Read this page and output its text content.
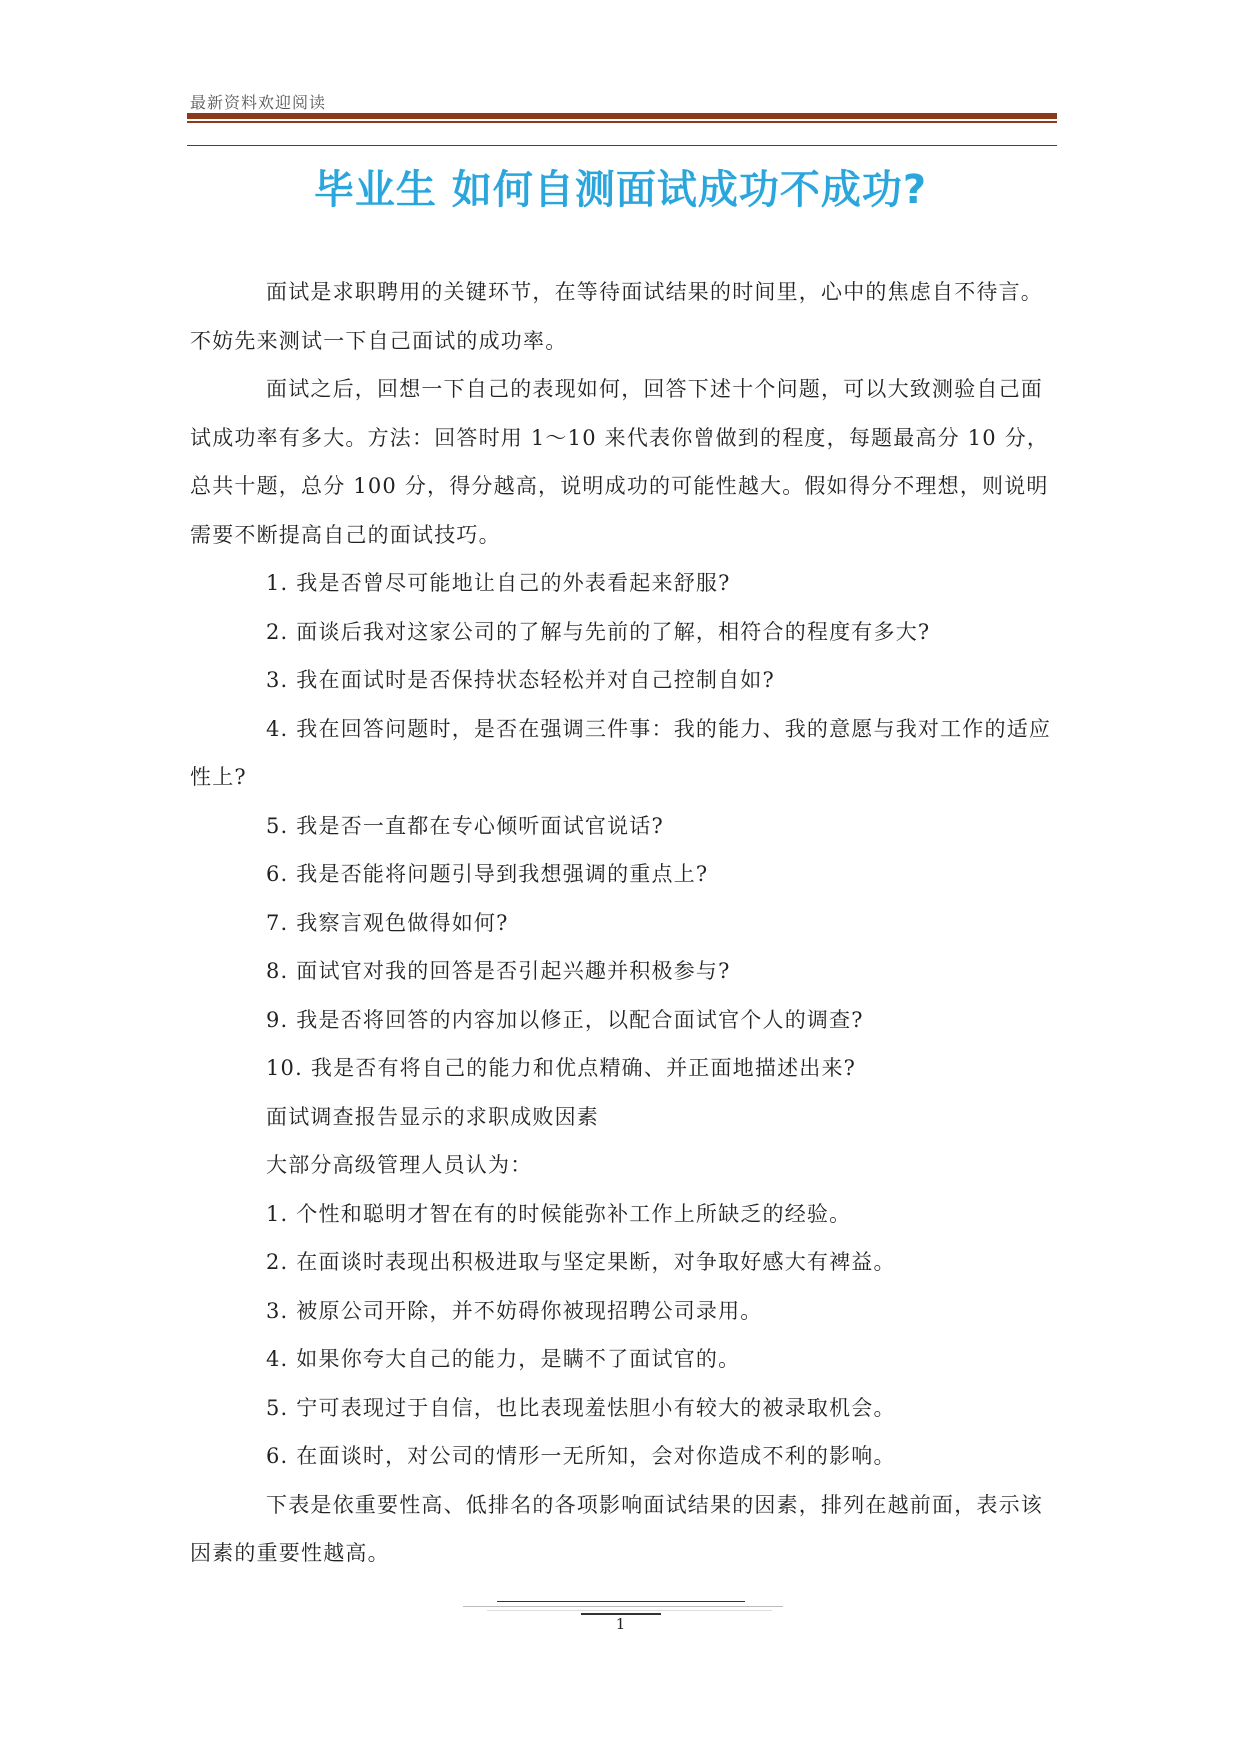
最新资料欢迎阅读
毕业生 如何自测面试成功不成功?

面试是求职聘用的关键环节，在等待面试结果的时间里，心中的焦虑自不待言。不妨先来测试一下自己面试的成功率。

面试之后，回想一下自己的表现如何，回答下述十个问题，可以大致测验自己面试成功率有多大。方法：回答时用 1～10 来代表你曾做到的程度，每题最高分 10 分，总共十题，总分 100 分，得分越高，说明成功的可能性越大。假如得分不理想，则说明需要不断提高自己的面试技巧。

1. 我是否曾尽可能地让自己的外表看起来舒服?

2. 面谈后我对这家公司的了解与先前的了解，相符合的程度有多大?

3. 我在面试时是否保持状态轻松并对自己控制自如?

4. 我在回答问题时，是否在强调三件事：我的能力、我的意愿与我对工作的适应性上?

5. 我是否一直都在专心倾听面试官说话?

6. 我是否能将问题引导到我想强调的重点上?

7. 我察言观色做得如何?

8. 面试官对我的回答是否引起兴趣并积极参与?

9. 我是否将回答的内容加以修正，以配合面试官个人的调查?

10. 我是否有将自己的能力和优点精确、并正面地描述出来?

面试调查报告显示的求职成败因素

大部分高级管理人员认为：

1. 个性和聪明才智在有的时候能弥补工作上所缺乏的经验。

2. 在面谈时表现出积极进取与坚定果断，对争取好感大有裨益。

3. 被原公司开除，并不妨碍你被现招聘公司录用。

4. 如果你夸大自己的能力，是瞒不了面试官的。

5. 宁可表现过于自信，也比表现羞怯胆小有较大的被录取机会。

6. 在面谈时，对公司的情形一无所知，会对你造成不利的影响。

下表是依重要性高、低排名的各项影响面试结果的因素，排列在越前面，表示该因素的重要性越高。

1
